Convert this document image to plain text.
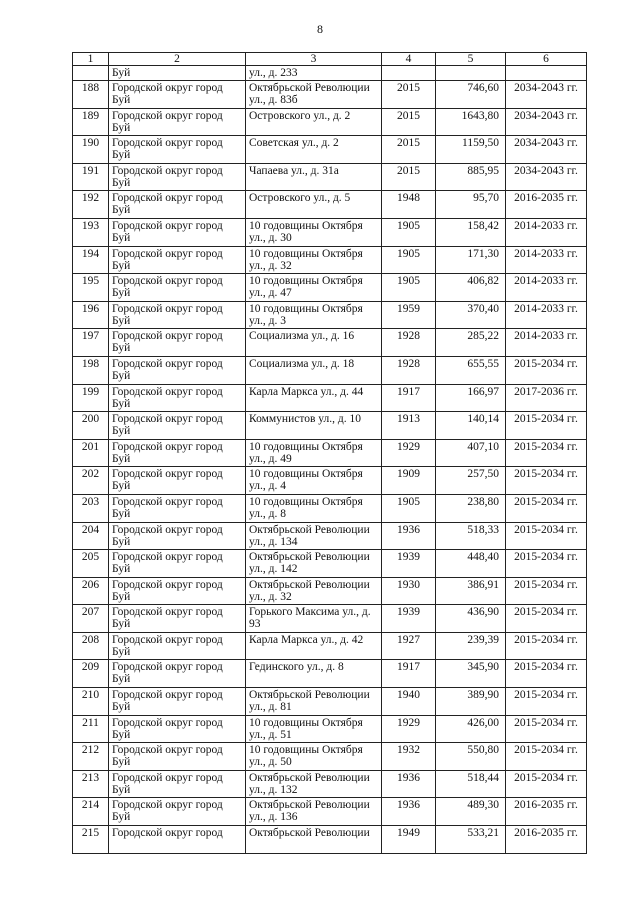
8
1	2	3	4	5	6
	Буй	ул., д. 233			
188	Городской округ город
Буй	Октябрьской Революции
ул., д. 83б	2015	746,60	2034-2043 гг.
189	Городской округ город
Буй	Островского ул., д. 2	2015	1643,80	2034-2043 гг.
190	Городской округ город
Буй	Советская ул., д. 2	2015	1159,50	2034-2043 гг.
191	Городской округ город
Буй	Чапаева ул., д. 31а	2015	885,95	2034-2043 гг.
192	Городской округ город
Буй	Островского ул., д. 5	1948	95,70	2016-2035 гг.
193	Городской округ город
Буй	10 годовщины Октября
ул., д. 30	1905	158,42	2014-2033 гг.
194	Городской округ город
Буй	10 годовщины Октября
ул., д. 32	1905	171,30	2014-2033 гг.
195	Городской округ город
Буй	10 годовщины Октября
ул., д. 47	1905	406,82	2014-2033 гг.
196	Городской округ город
Буй	10 годовщины Октября
ул., д. 3	1959	370,40	2014-2033 гг.
197	Городской округ город
Буй	Социализма ул., д. 16	1928	285,22	2014-2033 гг.
198	Городской округ город
Буй	Социализма ул., д. 18	1928	655,55	2015-2034 гг.
199	Городской округ город
Буй	Карла Маркса ул., д. 44	1917	166,97	2017-2036 гг.
200	Городской округ город
Буй	Коммунистов ул., д. 10	1913	140,14	2015-2034 гг.
201	Городской округ город
Буй	10 годовщины Октября
ул., д. 49	1929	407,10	2015-2034 гг.
202	Городской округ город
Буй	10 годовщины Октября
ул., д. 4	1909	257,50	2015-2034 гг.
203	Городской округ город
Буй	10 годовщины Октября
ул., д. 8	1905	238,80	2015-2034 гг.
204	Городской округ город
Буй	Октябрьской Революции
ул., д. 134	1936	518,33	2015-2034 гг.
205	Городской округ город
Буй	Октябрьской Революции
ул., д. 142	1939	448,40	2015-2034 гг.
206	Городской округ город
Буй	Октябрьской Революции
ул., д. 32	1930	386,91	2015-2034 гг.
207	Городской округ город
Буй	Горького Максима ул., д.
93	1939	436,90	2015-2034 гг.
208	Городской округ город
Буй	Карла Маркса ул., д. 42	1927	239,39	2015-2034 гг.
209	Городской округ город
Буй	Гединского ул., д. 8	1917	345,90	2015-2034 гг.
210	Городской округ город
Буй	Октябрьской Революции
ул., д. 81	1940	389,90	2015-2034 гг.
211	Городской округ город
Буй	10 годовщины Октября
ул., д. 51	1929	426,00	2015-2034 гг.
212	Городской округ город
Буй	10 годовщины Октября
ул., д. 50	1932	550,80	2015-2034 гг.
213	Городской округ город
Буй	Октябрьской Революции
ул., д. 132	1936	518,44	2015-2034 гг.
214	Городской округ город
Буй	Октябрьской Революции
ул., д. 136	1936	489,30	2016-2035 гг.
215	Городской округ город	Октябрьской Революции	1949	533,21	2016-2035 гг.
